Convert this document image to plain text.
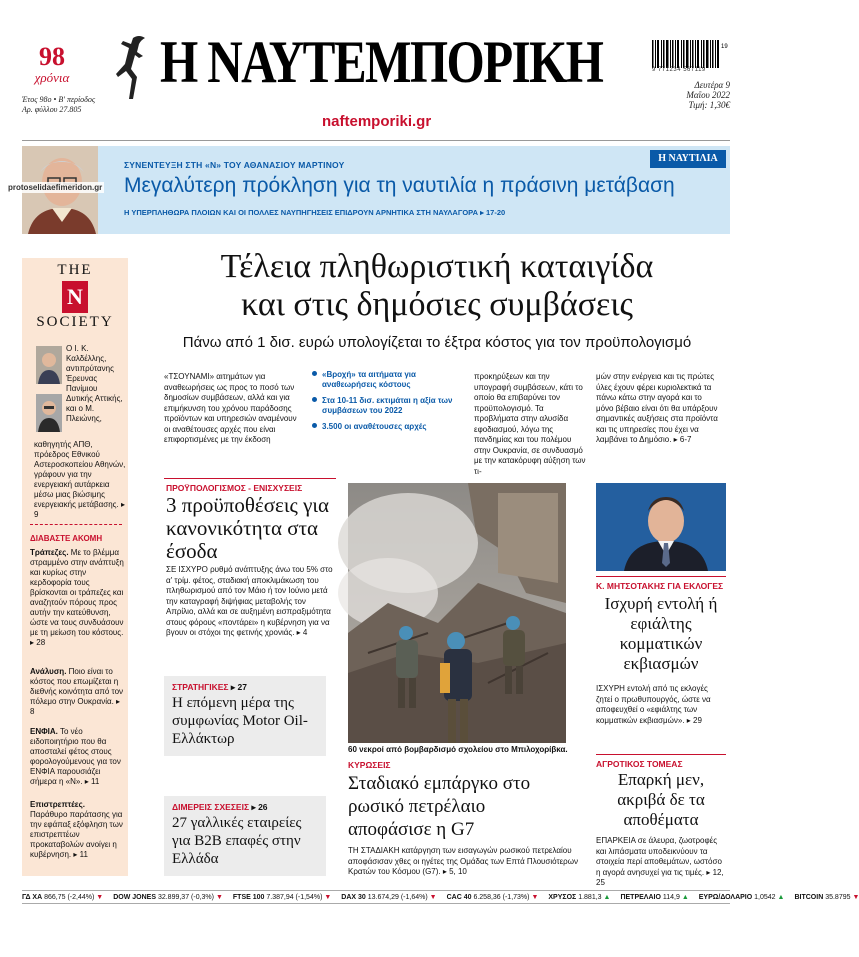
98
χρόνια
Έτος 98ο • Β' περίοδος
Αρ. φύλλου 27.805
Η ΝΑΥΤΕΜΠΟΡΙΚΗ
naftemporiki.gr
19
9 771234 567119
Δευτέρα 9
Μαΐου 2022
Τιμή: 1,30€
protoselidaefimeridon.gr
ΣΥΝΕΝΤΕΥΞΗ ΣΤΗ «Ν» ΤΟΥ ΑΘΑΝΑΣΙΟΥ ΜΑΡΤΙΝΟΥ
Μεγαλύτερη πρόκληση για τη ναυτιλία η πράσινη μετάβαση
Η ΥΠΕΡΠΛΗΘΩΡΑ ΠΛΟΙΩΝ ΚΑΙ ΟΙ ΠΟΛΛΕΣ ΝΑΥΠΗΓΗΣΕΙΣ ΕΠΙΔΡΟΥΝ ΑΡΝΗΤΙΚΑ ΣΤΗ ΝΑΥΛΑΓΟΡΑ ▸ 17-20
Η ΝΑΥΤΙΛΙΑ
THE
N
SOCIETY
Ο Ι. Κ. Καλδέλλης, αντιπρύτανης Έρευνας Πανίμιου Δυτικής Αττικής, και ο Μ. Πλειώνης,
καθηγητής ΑΠΘ, πρόεδρος Εθνικού Αστεροσκοπείου Αθηνών, γράφουν για την ενεργειακή αυτάρκεια μέσω μιας βιώσιμης ενεργειακής μετάβασης. ▸ 9
ΔΙΑΒΑΣΤΕ ΑΚΟΜΗ
Τράπεζες. Με το βλέμμα στραμμένο στην ανάπτυξη και κυρίως στην κερδοφορία τους βρίσκονται οι τράπεζες και αναζητούν πόρους προς αυτήν την κατεύθυνση, ώστε να τους συνδυάσουν με τη μείωση του κόστους. ▸ 28
Ανάλυση. Ποιο είναι το κόστος που επωμίζεται η διεθνής κοινότητα από τον πόλεμο στην Ουκρανία. ▸ 8
ΕΝΦΙΑ. Το νέο ειδοποιητήριο που θα αποσταλεί φέτος στους φορολογούμενους για τον ΕΝΦΙΑ παρουσιάζει σήμερα η «Ν». ▸ 11
Επιστρεπτέες. Παράθυρο παράτασης για την εφάπαξ εξόφληση των επιστρεπτέων προκαταβολών ανοίγει η κυβέρνηση. ▸ 11
Τέλεια πληθωριστική καταιγίδα
και στις δημόσιες συμβάσεις
Πάνω από 1 δισ. ευρώ υπολογίζεται το έξτρα κόστος για τον προϋπολογισμό
«ΤΣΟΥΝΑΜΙ» αιτημάτων για αναθεωρήσεις ως προς το ποσό των δημοσίων συμβάσεων, αλλά και για επιμήκυνση του χρόνου παράδοσης προϊόντων και υπηρεσιών αναμένουν οι αναθέτουσες αρχές που είναι επιφορτισμένες με την έκδοση
«Βροχή» τα αιτήματα για αναθεωρήσεις κόστους
Στα 10-11 δισ. εκτιμάται η αξία των συμβάσεων του 2022
3.500 οι αναθέτουσες αρχές
προκηρύξεων και την υπογραφή συμβάσεων, κάτι το οποίο θα επιβαρύνει τον προϋπολογισμό. Τα προβλήματα στην αλυσίδα εφοδιασμού, λόγω της πανδημίας και του πολέμου στην Ουκρανία, σε συνδυασμό με την κατακόρυφη αύξηση των τι-
μών στην ενέργεια και τις πρώτες ύλες έχουν φέρει κυριολεκτικά τα πάνω κάτω στην αγορά και το μόνο βέβαιο είναι ότι θα υπάρξουν σημαντικές αυξήσεις στα προϊόντα και τις υπηρεσίες που έχει να λαμβάνει το Δημόσιο. ▸ 6-7
ΠΡΟΫΠΟΛΟΓΙΣΜΟΣ - ΕΝΙΣΧΥΣΕΙΣ
3 προϋποθέσεις για κανονικότητα στα έσοδα
ΣΕ ΙΣΧΥΡΟ ρυθμό ανάπτυξης άνω του 5% στο α' τρίμ. φέτος, σταδιακή αποκλιμάκωση του πληθωρισμού από τον Μάιο ή τον Ιούνιο μετά την καταγραφή διψήφιας μεταβολής τον Απρίλιο, αλλά και σε αυξημένη εισπραξιμότητα στους φόρους «ποντάρει» η κυβέρνηση για να βγουν οι στόχοι της φετινής χρονιάς. ▸ 4
ΣΤΡΑΤΗΓΙΚΕΣ ▸ 27
Η επόμενη μέρα της συμφωνίας Motor Oil-Ελλάκτωρ
ΔΙΜΕΡΕΙΣ ΣΧΕΣΕΙΣ ▸ 26
27 γαλλικές εταιρείες για Β2Β επαφές στην Ελλάδα
60 νεκροί από βομβαρδισμό σχολείου στο Μπιλοχορίβκα.
ΚΥΡΩΣΕΙΣ
Σταδιακό εμπάργκο στο ρωσικό πετρέλαιο αποφάσισε η G7
ΤΗ ΣΤΑΔΙΑΚΗ κατάργηση των εισαγωγών ρωσικού πετρελαίου αποφάσισαν χθες οι ηγέτες της Ομάδας των Επτά Πλουσιότερων Κρατών του Κόσμου (G7). ▸ 5, 10
Κ. ΜΗΤΣΟΤΑΚΗΣ ΓΙΑ ΕΚΛΟΓΕΣ
Ισχυρή εντολή ή εφιάλτης κομματικών εκβιασμών
ΙΣΧΥΡΗ εντολή από τις εκλογές ζητεί ο πρωθυπουργός, ώστε να αποφευχθεί ο «εφιάλτης των κομματικών εκβιασμών». ▸ 29
ΑΓΡΟΤΙΚΟΣ ΤΟΜΕΑΣ
Επαρκή μεν, ακριβά δε τα αποθέματα
ΕΠΑΡΚΕΙΑ σε άλευρα, ζωοτροφές και λιπάσματα υποδεικνύουν τα στοιχεία περί αποθεμάτων, ωστόσο η αγορά ανησυχεί για τις τιμές. ▸ 12, 25
ΓΔ ΧΑ 866,75 (-2,44%) ▼ DOW JONES 32.899,37 (-0,3%) ▼ FTSE 100 7.387,94 (-1,54%) ▼ DAX 30 13.674,29 (-1,64%) ▼ CAC 40 6.258,36 (-1,73%) ▼ ΧΡΥΣΟΣ 1.881,3 ▲ ΠΕΤΡΕΛΑΙΟ 114,9 ▲ ΕΥΡΩ/ΔΟΛΑΡΙΟ 1,0542 ▲ BITCOIN 35.8795 ▼
